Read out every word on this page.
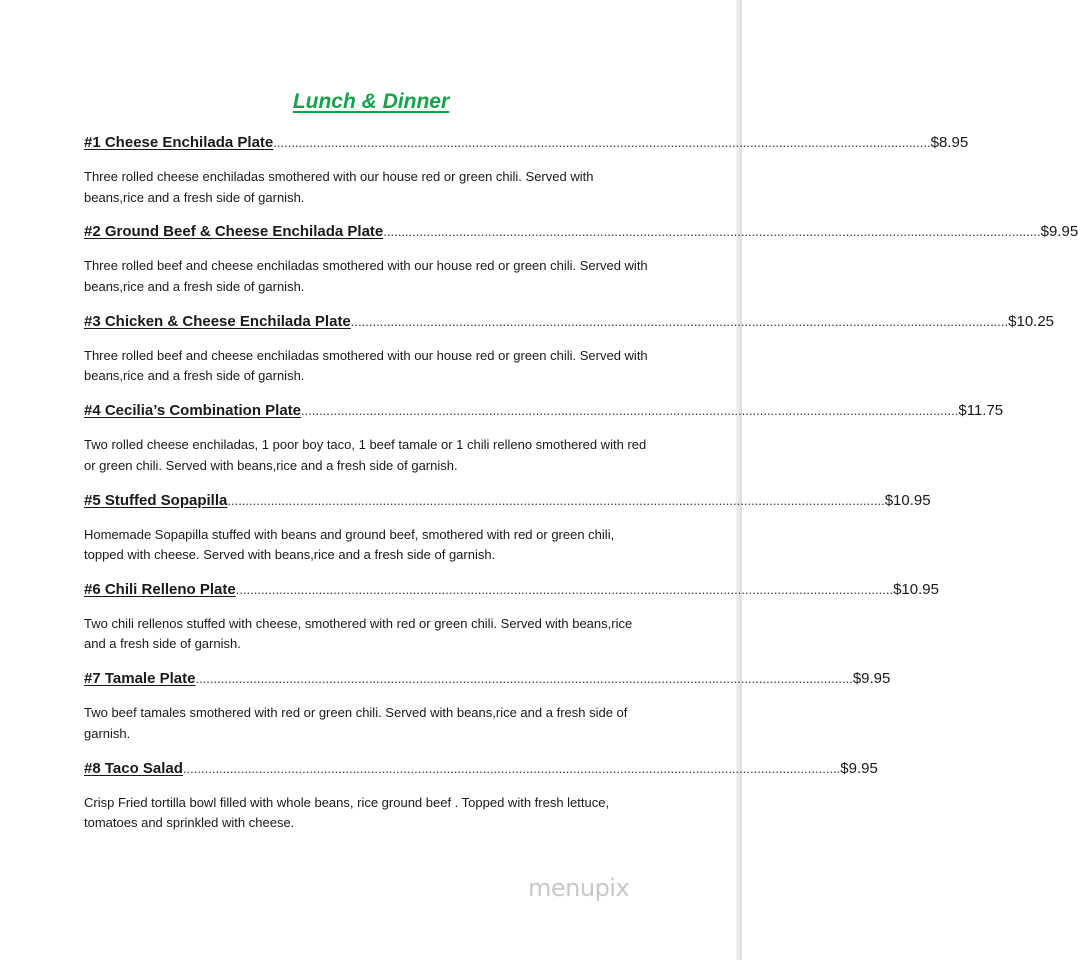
Lunch & Dinner
#1 Cheese Enchilada Plate ...................................................................................................................................................................................... $8.95
Three rolled cheese enchiladas smothered with our house red or green chili. Served with beans,rice and a fresh side of garnish.
#2 Ground Beef & Cheese Enchilada Plate ...................................................................................................................................................................................... $9.95
Three rolled beef and cheese enchiladas smothered with our house red or green chili. Served with beans,rice and a fresh side of garnish.
#3 Chicken & Cheese Enchilada Plate ...................................................................................................................................................................................... $10.25
Three rolled beef and cheese enchiladas smothered with our house red or green chili. Served with beans,rice and a fresh side of garnish.
#4 Cecilia’s Combination Plate ...................................................................................................................................................................................... $11.75
Two rolled cheese enchiladas, 1 poor boy taco, 1 beef tamale or 1 chili relleno smothered with red or green chili. Served with beans,rice and a fresh side of garnish.
#5 Stuffed Sopapilla ...................................................................................................................................................................................... $10.95
Homemade Sopapilla stuffed with beans and ground beef, smothered with red or green chili, topped with cheese. Served with beans,rice and a fresh side of garnish.
#6 Chili Relleno Plate ...................................................................................................................................................................................... $10.95
Two chili rellenos stuffed with cheese, smothered with red or green chili. Served with beans,rice and a fresh side of garnish.
#7 Tamale Plate ...................................................................................................................................................................................... $9.95
Two beef tamales smothered with red or green chili. Served with beans,rice and a fresh side of garnish.
#8 Taco Salad ...................................................................................................................................................................................... $9.95
Crisp Fried tortilla bowl filled with whole beans, rice ground beef . Topped with fresh lettuce, tomatoes and sprinkled with cheese.
menupix
